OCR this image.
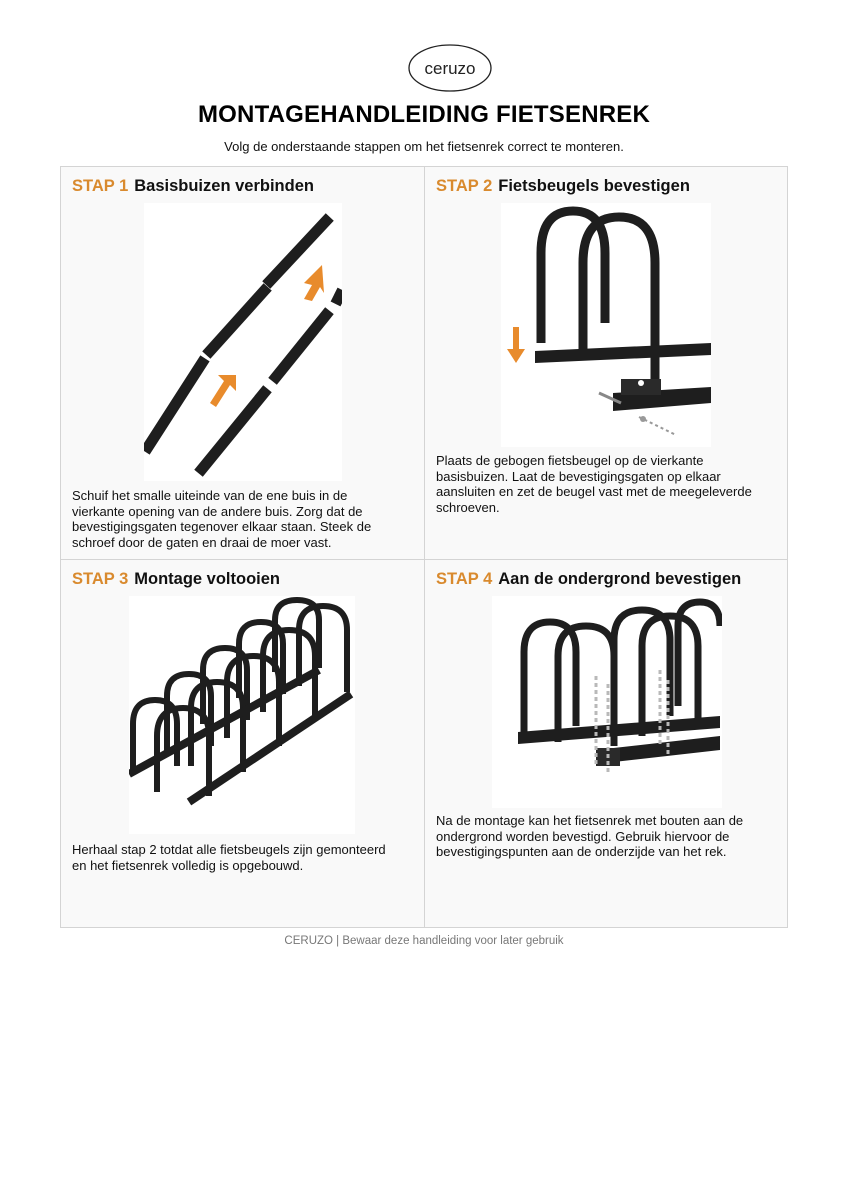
ceruzo
MONTAGEHANDLEIDING FIETSENREK
Volg de onderstaande stappen om het fietsenrek correct te monteren.
STAP 1 Basisbuizen verbinden
Schuif het smalle uiteinde van de ene buis in de vierkante opening van de andere buis. Zorg dat de bevestigingsgaten tegenover elkaar staan. Steek de schroef door de gaten en draai de moer vast.
STAP 2 Fietsbeugels bevestigen
Plaats de gebogen fietsbeugel op de vierkante basisbuizen. Laat de bevestigingsgaten op elkaar aansluiten en zet de beugel vast met de meegeleverde schroeven.
STAP 3 Montage voltooien
Herhaal stap 2 totdat alle fietsbeugels zijn gemonteerd en het fietsenrek volledig is opgebouwd.
STAP 4 Aan de ondergrond bevestigen
Na de montage kan het fietsenrek met bouten aan de ondergrond worden bevestigd. Gebruik hiervoor de bevestigingspunten aan de onderzijde van het rek.
CERUZO | Bewaar deze handleiding voor later gebruik
